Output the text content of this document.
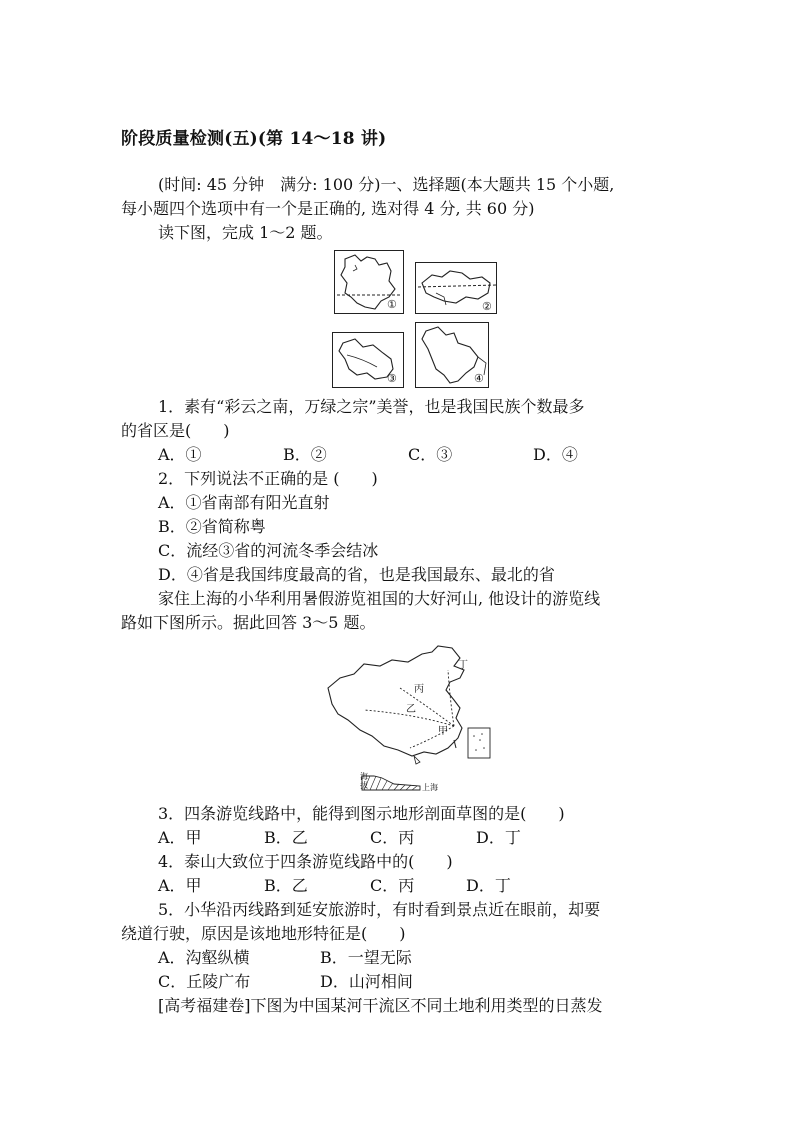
阶段质量检测(五)(第 14～18 讲)
(时间: 45 分钟　满分: 100 分)一、选择题(本大题共 15 个小题,
每小题四个选项中有一个是正确的, 选对得 4 分, 共 60 分)
读下图，完成 1～2 题。
①	②
③	④
1．素有“彩云之南，万绿之宗”美誉，也是我国民族个数最多
的省区是(　　)
A．①	B．②	C．③	D．④
2．下列说法不正确的是 (　　)
A．①省南部有阳光直射
B．②省简称粤
C．流经③省的河流冬季会结冰
D．④省是我国纬度最高的省，也是我国最东、最北的省
家住上海的小华利用暑假游览祖国的大好河山, 他设计的游览线
路如下图所示。据此回答 3～5 题。
丁
丙
乙
甲
海拔	上海
3．四条游览线路中，能得到图示地形剖面草图的是(　　)
A．甲	B．乙	C．丙	D．丁
4．泰山大致位于四条游览线路中的(　　)
A．甲	B．乙	C．丙	D．丁
5．小华沿丙线路到延安旅游时，有时看到景点近在眼前，却要
绕道行驶，原因是该地地形特征是(　　)
A．沟壑纵横	B．一望无际
C．丘陵广布	D．山河相间
[高考福建卷]下图为中国某河干流区不同土地利用类型的日蒸发
